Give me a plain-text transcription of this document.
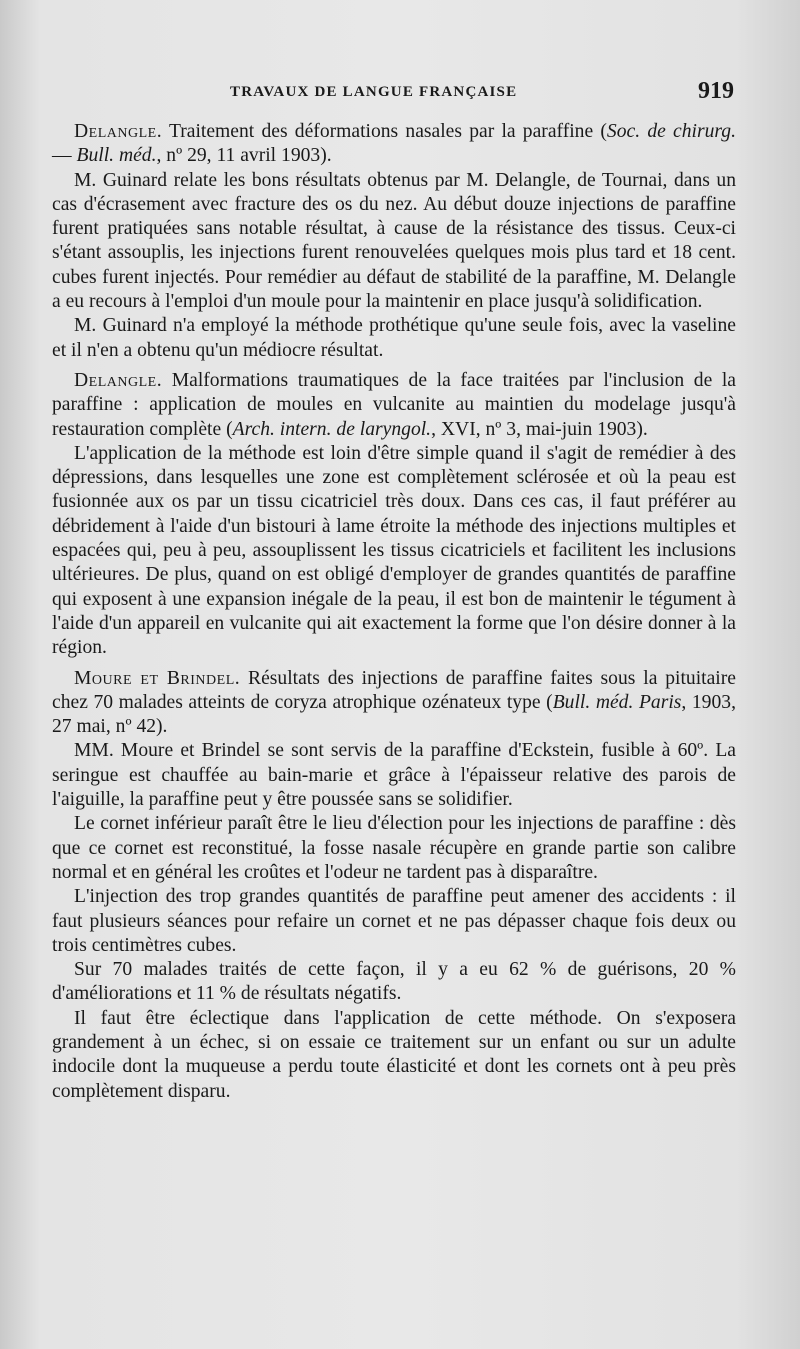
TRAVAUX DE LANGUE FRANÇAISE	919

Delangle. Traitement des déformations nasales par la paraffine (Soc. de chirurg. — Bull. méd., nº 29, 11 avril 1903).

M. Guinard relate les bons résultats obtenus par M. Delangle, de Tournai, dans un cas d'écrasement avec fracture des os du nez. Au début douze injections de paraffine furent pratiquées sans notable résultat, à cause de la résistance des tissus. Ceux-ci s'étant assouplis, les injections furent renouvelées quelques mois plus tard et 18 cent. cubes furent injectés. Pour remédier au défaut de stabilité de la paraffine, M. Delangle a eu recours à l'emploi d'un moule pour la maintenir en place jusqu'à solidification.

M. Guinard n'a employé la méthode prothétique qu'une seule fois, avec la vaseline et il n'en a obtenu qu'un médiocre résultat.

Delangle. Malformations traumatiques de la face traitées par l'inclusion de la paraffine : application de moules en vulcanite au maintien du modelage jusqu'à restauration complète (Arch. intern. de laryngol., XVI, nº 3, mai-juin 1903).

L'application de la méthode est loin d'être simple quand il s'agit de remédier à des dépressions, dans lesquelles une zone est complètement sclérosée et où la peau est fusionnée aux os par un tissu cicatriciel très doux. Dans ces cas, il faut préférer au débridement à l'aide d'un bistouri à lame étroite la méthode des injections multiples et espacées qui, peu à peu, assouplissent les tissus cicatriciels et facilitent les inclusions ultérieures. De plus, quand on est obligé d'employer de grandes quantités de paraffine qui exposent à une expansion inégale de la peau, il est bon de maintenir le tégument à l'aide d'un appareil en vulcanite qui ait exactement la forme que l'on désire donner à la région.

Moure et Brindel. Résultats des injections de paraffine faites sous la pituitaire chez 70 malades atteints de coryza atrophique ozénateux type (Bull. méd. Paris, 1903, 27 mai, nº 42).

MM. Moure et Brindel se sont servis de la paraffine d'Eckstein, fusible à 60º. La seringue est chauffée au bain-marie et grâce à l'épaisseur relative des parois de l'aiguille, la paraffine peut y être poussée sans se solidifier.

Le cornet inférieur paraît être le lieu d'élection pour les injections de paraffine : dès que ce cornet est reconstitué, la fosse nasale récupère en grande partie son calibre normal et en général les croûtes et l'odeur ne tardent pas à disparaître.

L'injection des trop grandes quantités de paraffine peut amener des accidents : il faut plusieurs séances pour refaire un cornet et ne pas dépasser chaque fois deux ou trois centimètres cubes.

Sur 70 malades traités de cette façon, il y a eu 62 % de guérisons, 20 % d'améliorations et 11 % de résultats négatifs.

Il faut être éclectique dans l'application de cette méthode. On s'exposera grandement à un échec, si on essaie ce traitement sur un enfant ou sur un adulte indocile dont la muqueuse a perdu toute élasticité et dont les cornets ont à peu près complètement disparu.
